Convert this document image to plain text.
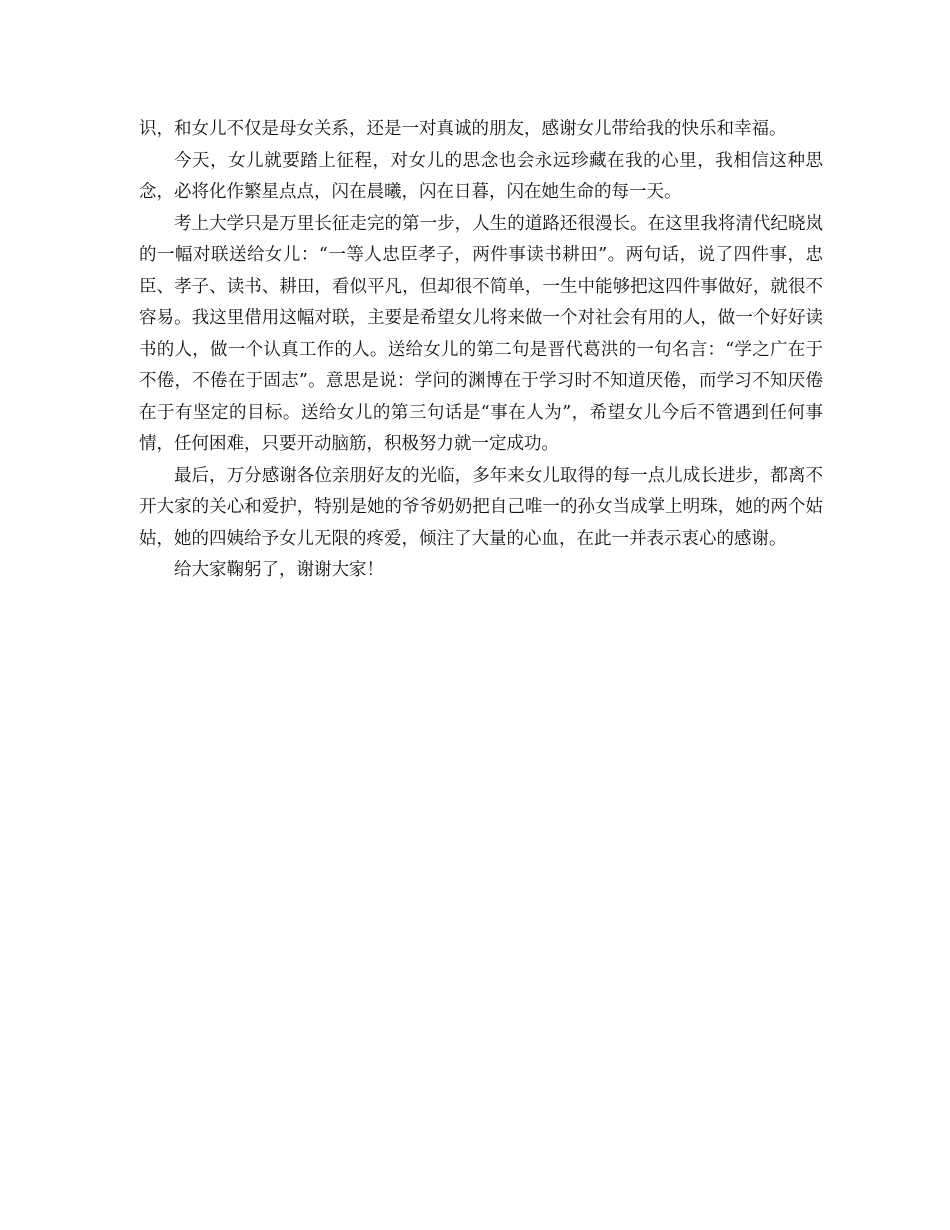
识，和女儿不仅是母女关系，还是一对真诚的朋友，感谢女儿带给我的快乐和幸福。

今天，女儿就要踏上征程，对女儿的思念也会永远珍藏在我的心里，我相信这种思念，必将化作繁星点点，闪在晨曦，闪在日暮，闪在她生命的每一天。

考上大学只是万里长征走完的第一步，人生的道路还很漫长。在这里我将清代纪晓岚的一幅对联送给女儿：“一等人忠臣孝子，两件事读书耕田”。两句话，说了四件事，忠臣、孝子、读书、耕田，看似平凡，但却很不简单，一生中能够把这四件事做好，就很不容易。我这里借用这幅对联，主要是希望女儿将来做一个对社会有用的人，做一个好好读书的人，做一个认真工作的人。送给女儿的第二句是晋代葛洪的一句名言：“学之广在于不倦，不倦在于固志”。意思是说：学问的渊博在于学习时不知道厌倦，而学习不知厌倦在于有坚定的目标。送给女儿的第三句话是“事在人为”，希望女儿今后不管遇到任何事情，任何困难，只要开动脑筋，积极努力就一定成功。

最后，万分感谢各位亲朋好友的光临，多年来女儿取得的每一点儿成长进步，都离不开大家的关心和爱护，特别是她的爷爷奶奶把自己唯一的孙女当成掌上明珠，她的两个姑姑，她的四姨给予女儿无限的疼爱，倾注了大量的心血，在此一并表示衷心的感谢。

给大家鞠躬了，谢谢大家！
